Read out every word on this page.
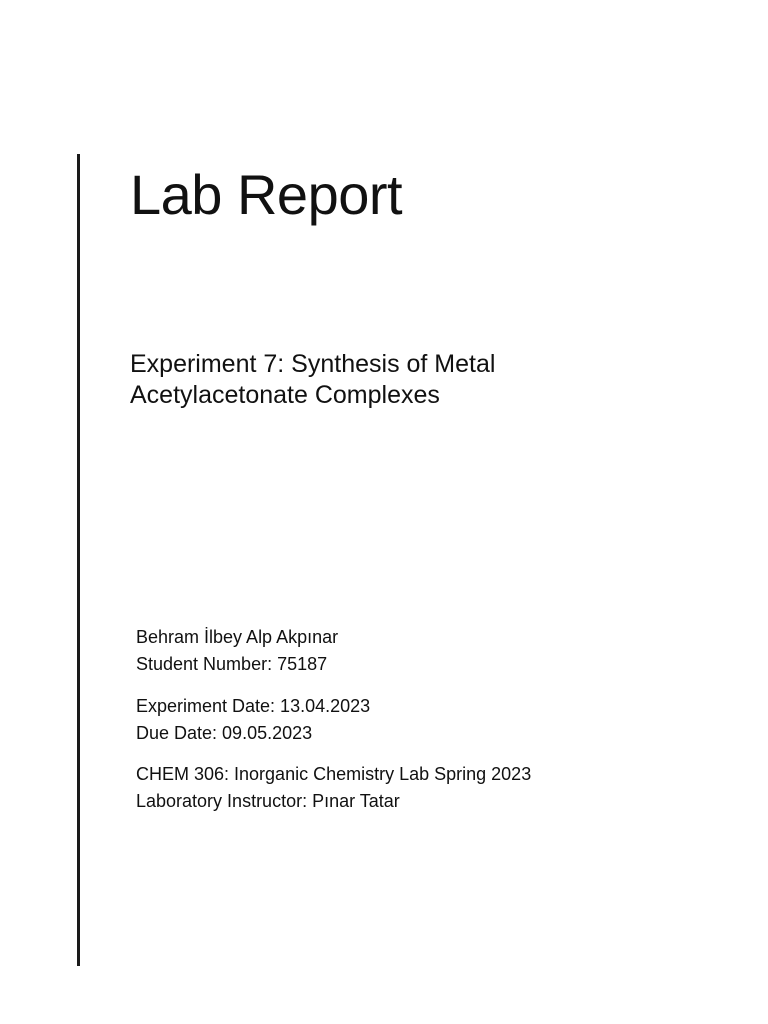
Lab Report
Experiment 7: Synthesis of Metal
Acetylacetonate Complexes
Behram İlbey Alp Akpınar
Student Number: 75187
Experiment Date: 13.04.2023
Due Date: 09.05.2023
CHEM 306: Inorganic Chemistry Lab Spring 2023
Laboratory Instructor: Pınar Tatar
